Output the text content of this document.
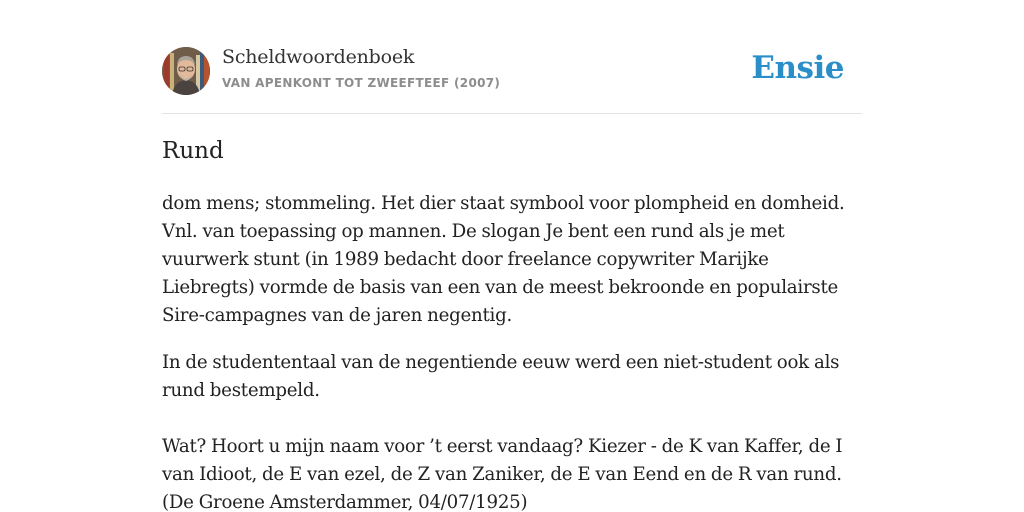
Scheldwoordenboek
VAN APENKONT TOT ZWEEFTEEF (2007)	Ensie
Rund

dom mens; stommeling. Het dier staat symbool voor plompheid en domheid. Vnl. van toepassing op mannen. De slogan Je bent een rund als je met vuurwerk stunt (in 1989 bedacht door freelance copywriter Marijke Liebregts) vormde de basis van een van de meest bekroonde en populairste Sire-campagnes van de jaren negentig.

In de studententaal van de negentiende eeuw werd een niet-student ook als rund bestempeld.

Wat? Hoort u mijn naam voor ’t eerst vandaag? Kiezer - de K van Kaffer, de I van Idioot, de E van ezel, de Z van Zaniker, de E van Eend en de R van rund. (De Groene Amsterdammer, 04/07/1925)
